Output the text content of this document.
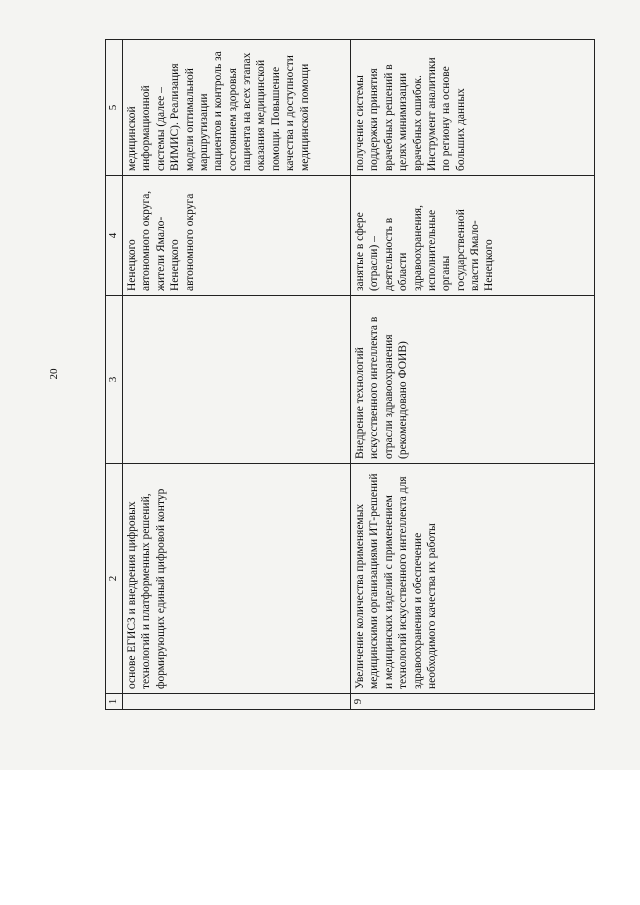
20
1	2	3	4	5
	основе ЕГИСЗ и внедрения цифровых технологий и платформенных решений, формирующих единый цифровой контур		Ненецкого автономного округа, жители Ямало-Ненецкого автономного округа	медицинской информационной системы (далее – ВИМИС). Реализация модели оптимальной маршрутизации пациентов и контроль за состоянием здоровья пациента на всех этапах оказания медицинской помощи. Повышение качества и доступности медицинской помощи
9	Увеличение количества применяемых медицинскими организациями ИТ-решений и медицинских изделий с применением технологий искусственного интеллекта для здравоохранения и обеспечение необходимого качества их работы	Внедрение технологий искусственного интеллекта в отрасли здравоохранения (рекомендовано ФОИВ)	занятые в сфере (отрасли) – деятельность в области здравоохранения, исполнительные органы государственной власти Ямало-Ненецкого	получение системы поддержки принятия врачебных решений в целях минимизации врачебных ошибок. Инструмент аналитики по региону на основе больших данных
